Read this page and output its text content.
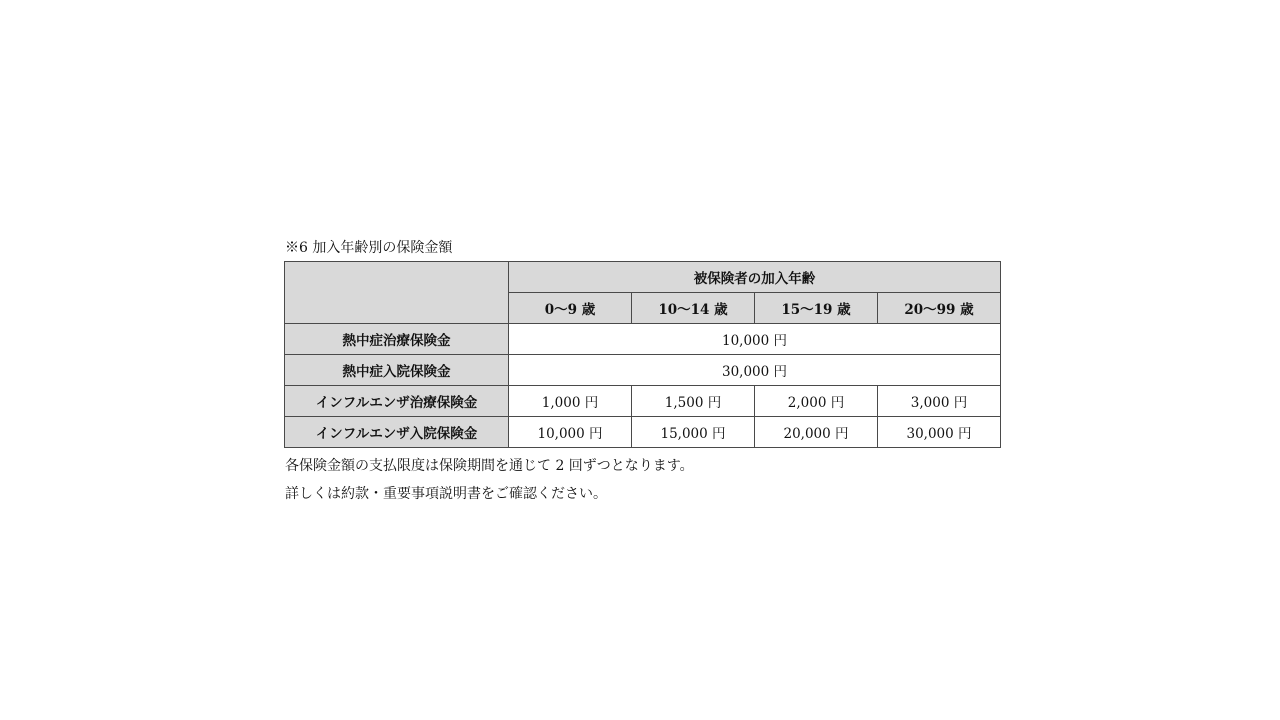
※6 加入年齢別の保険金額
	被保険者の加入年齢			
	0〜9 歳	10〜14 歳	15〜19 歳	20〜99 歳
熱中症治療保険金	10,000 円			
熱中症入院保険金	30,000 円			
インフルエンザ治療保険金	1,000 円	1,500 円	2,000 円	3,000 円
インフルエンザ入院保険金	10,000 円	15,000 円	20,000 円	30,000 円
各保険金額の支払限度は保険期間を通じて 2 回ずつとなります。
詳しくは約款・重要事項説明書をご確認ください。
